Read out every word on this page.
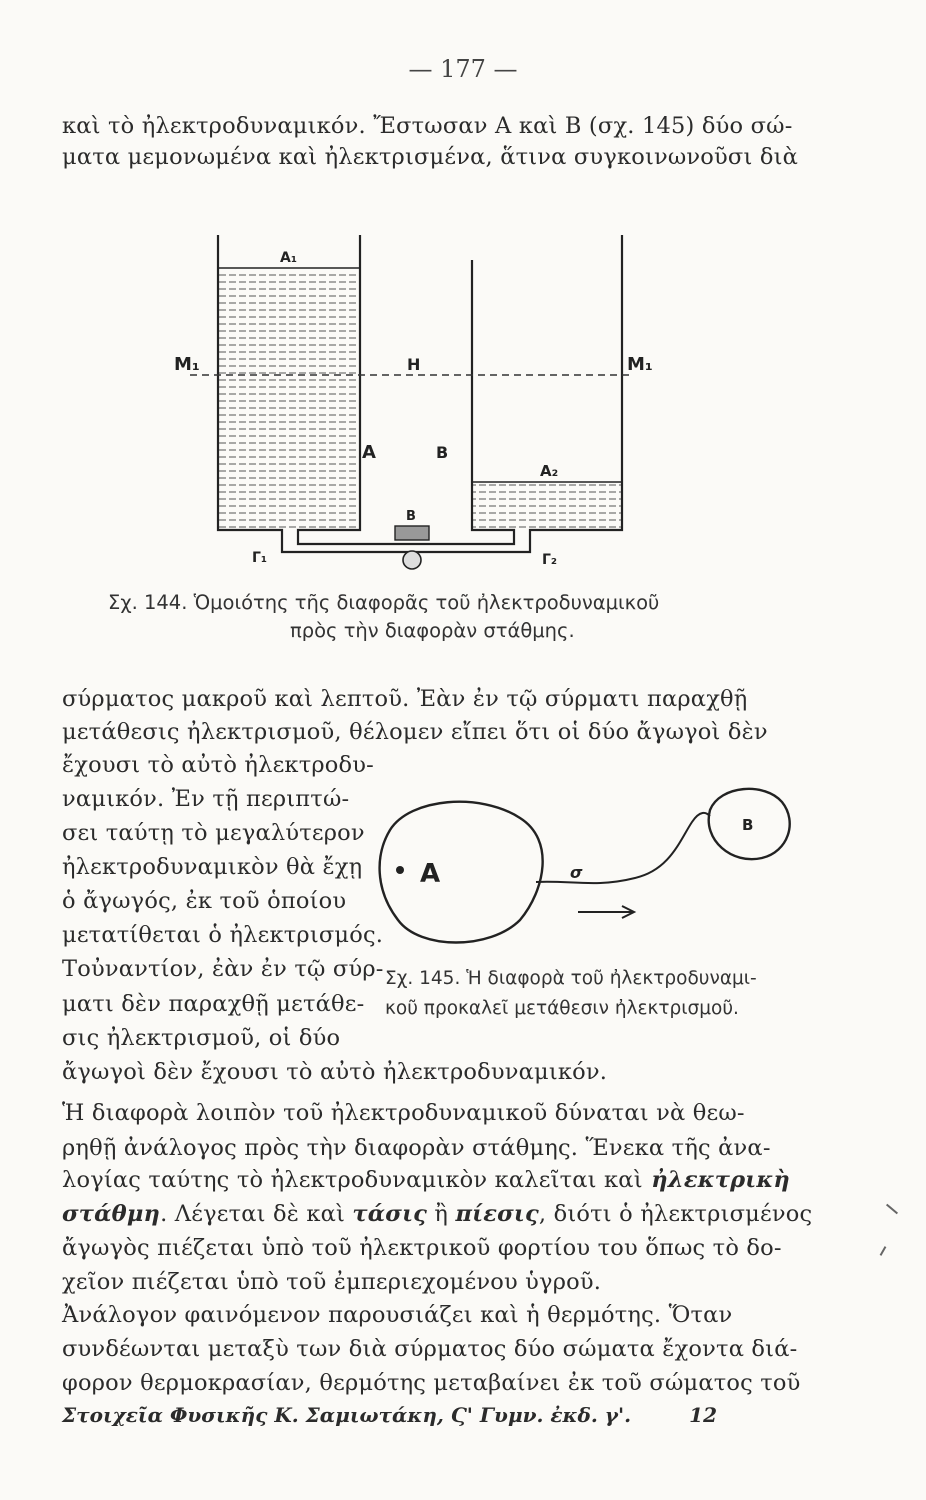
— 177 —
καὶ τὸ ἠλεκτροδυναμικόν. Ἔστωσαν Α καὶ Β (σχ. 145) δύο σώ-
ματα μεμονωμένα καὶ ἠλεκτρισμένα, ἅτινα συγκοινωνοῦσι διὰ
Α₁
Μ₁	Μ₁
Η
Α	Β
Α₂
Β
Γ₁	Γ₂
Σχ. 144. Ὁμοιότης τῆς διαφορᾶς τοῦ ἠλεκτροδυναμικοῦ
πρὸς τὴν διαφορὰν στάθμης.
σύρματος μακροῦ καὶ λεπτοῦ. Ἐὰν ἐν τῷ σύρματι παραχθῇ
μετάθεσις ἠλεκτρισμοῦ, θέλομεν εἴπει ὅτι οἱ δύο ἄγωγοὶ δὲν
ἔχουσι τὸ αὐτὸ ἠλεκτροδυ-
ναμικόν. Ἐν τῇ περιπτώ-
σει ταύτῃ τὸ μεγαλύτερον
ἠλεκτροδυναμικὸν θὰ ἔχῃ
ὁ ἄγωγός, ἐκ τοῦ ὁποίου
μετατίθεται ὁ ἠλεκτρισμός.
Τοὐναντίον, ἐὰν ἐν τῷ σύρ-
ματι δὲν παραχθῇ μετάθε-
σις ἠλεκτρισμοῦ, οἱ δύο
ἄγωγοὶ δὲν ἔχουσι τὸ αὐτὸ ἠλεκτροδυναμικόν.
Α
Β
σ
Σχ. 145. Ἡ διαφορὰ τοῦ ἠλεκτροδυναμι-
κοῦ προκαλεῖ μετάθεσιν ἠλεκτρισμοῦ.
Ἡ διαφορὰ λοιπὸν τοῦ ἠλεκτροδυναμικοῦ δύναται νὰ θεω-
ρηθῇ ἀνάλογος πρὸς τὴν διαφορὰν στάθμης. Ἕνεκα τῆς ἀνα-
λογίας ταύτης τὸ ἠλεκτροδυναμικὸν καλεῖται καὶ ἠλεκτρικὴ
στάθμη. Λέγεται δὲ καὶ τάσις ἢ πίεσις, διότι ὁ ἠλεκτρισμένος
ἄγωγὸς πιέζεται ὑπὸ τοῦ ἠλεκτρικοῦ φορτίου του ὅπως τὸ δο-
χεῖον πιέζεται ὑπὸ τοῦ ἐμπεριεχομένου ὑγροῦ.
Ἀνάλογον φαινόμενον παρουσιάζει καὶ ἡ θερμότης. Ὅταν
συνδέωνται μεταξὺ των διὰ σύρματος δύο σώματα ἔχοντα διά-
φορον θερμοκρασίαν, θερμότης μεταβαίνει ἐκ τοῦ σώματος τοῦ
Στοιχεῖα Φυσικῆς Κ. Σαμιωτάκη, Ϛ' Γυμν. ἐκδ. γ'.	12
